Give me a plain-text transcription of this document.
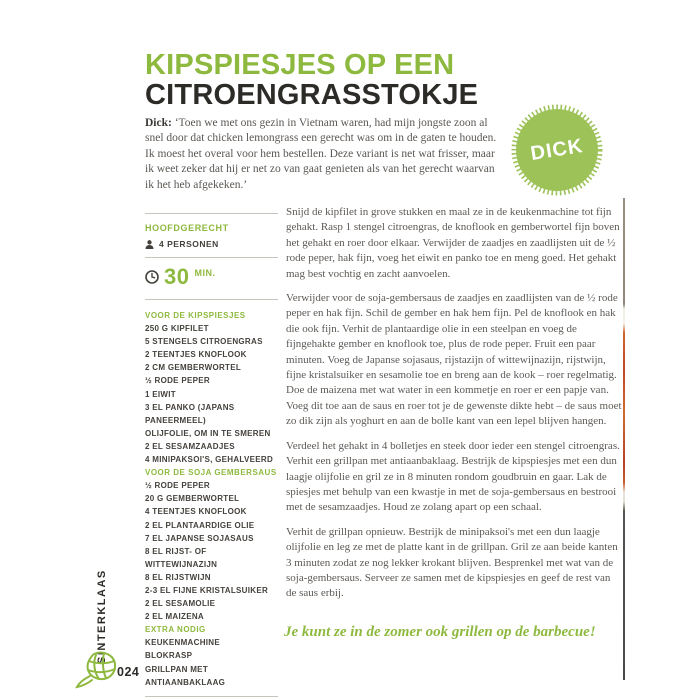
KIPSPIESJES OP EEN
CITROENGRASSTOKJE
Dick: ‘Toen we met ons gezin in Vietnam waren, had mijn jongste zoon al snel door dat chicken lemongrass een gerecht was om in de gaten te houden. Ik moest het overal voor hem bestellen. Deze variant is net wat frisser, maar ik weet zeker dat hij er net zo van gaat genieten als van het gerecht waarvan ik het heb afgekeken.’
DICK
HOOFDGERECHT
4 PERSONEN
30 MIN.
VOOR DE KIPSPIESJES
250 G KIPFILET
5 STENGELS CITROENGRAS
2 TEENTJES KNOFLOOK
2 CM GEMBERWORTEL
½ RODE PEPER
1 EIWIT
3 EL PANKO (JAPANS PANEERMEEL)
OLIJFOLIE, OM IN TE SMEREN
2 EL SESAMZAADJES
4 MINIPAKSOI'S, GEHALVEERD
VOOR DE SOJA GEMBERSAUS
½ RODE PEPER
20 G GEMBERWORTEL
4 TEENTJES KNOFLOOK
2 EL PLANTAARDIGE OLIE
7 EL JAPANSE SOJASAUS
8 EL RIJST- OF WITTEWIJNAZIJN
8 EL RIJSTWIJN
2-3 EL FIJNE KRISTALSUIKER
2 EL SESAMOLIE
2 EL MAIZENA
EXTRA NODIG
KEUKENMACHINE
BLOKRASP
GRILLPAN MET ANTIAANBAKLAAG

Snijd de kipfilet in grove stukken en maal ze in de keukenmachine tot fijn gehakt. Rasp 1 stengel citroengras, de knoflook en gemberwortel fijn boven het gehakt en roer door elkaar. Verwijder de zaadjes en zaadlijsten uit de ½ rode peper, hak fijn, voeg het eiwit en panko toe en meng goed. Het gehakt mag best vochtig en zacht aanvoelen.

Verwijder voor de soja-gembersaus de zaadjes en zaadlijsten van de ½ rode peper en hak fijn. Schil de gember en hak hem fijn. Pel de knoflook en hak die ook fijn. Verhit de plantaardige olie in een steelpan en voeg de fijngehakte gember en knoflook toe, plus de rode peper. Fruit een paar minuten. Voeg de Japanse sojasaus, rijstazijn of wittewijnazijn, rijstwijn, fijne kristalsuiker en sesamolie toe en breng aan de kook – roer regelmatig. Doe de maizena met wat water in een kommetje en roer er een papje van. Voeg dit toe aan de saus en roer tot je de gewenste dikte hebt – de saus moet zo dik zijn als yoghurt en aan de bolle kant van een lepel blijven hangen.

Verdeel het gehakt in 4 bolletjes en steek door ieder een stengel citroengras. Verhit een grillpan met antiaanbaklaag. Bestrijk de kipspiesjes met een dun laagje olijfolie en gril ze in 8 minuten rondom goudbruin en gaar. Lak de spiesjes met behulp van een kwastje in met de soja-gembersaus en bestrooi met de sesamzaadjes. Houd ze zolang apart op een schaal.

Verhit de grillpan opnieuw. Bestrijk de minipaksoi's met een dun laagje olijfolie en leg ze met de platte kant in de grillpan. Gril ze aan beide kanten 3 minuten zodat ze nog lekker krokant blijven. Besprenkel met wat van de soja-gembersaus. Serveer ze samen met de kipspiesjes en geef de rest van de saus erbij.

Je kunt ze in de zomer ook grillen op de barbecue!
SINTERKLAAS
024
